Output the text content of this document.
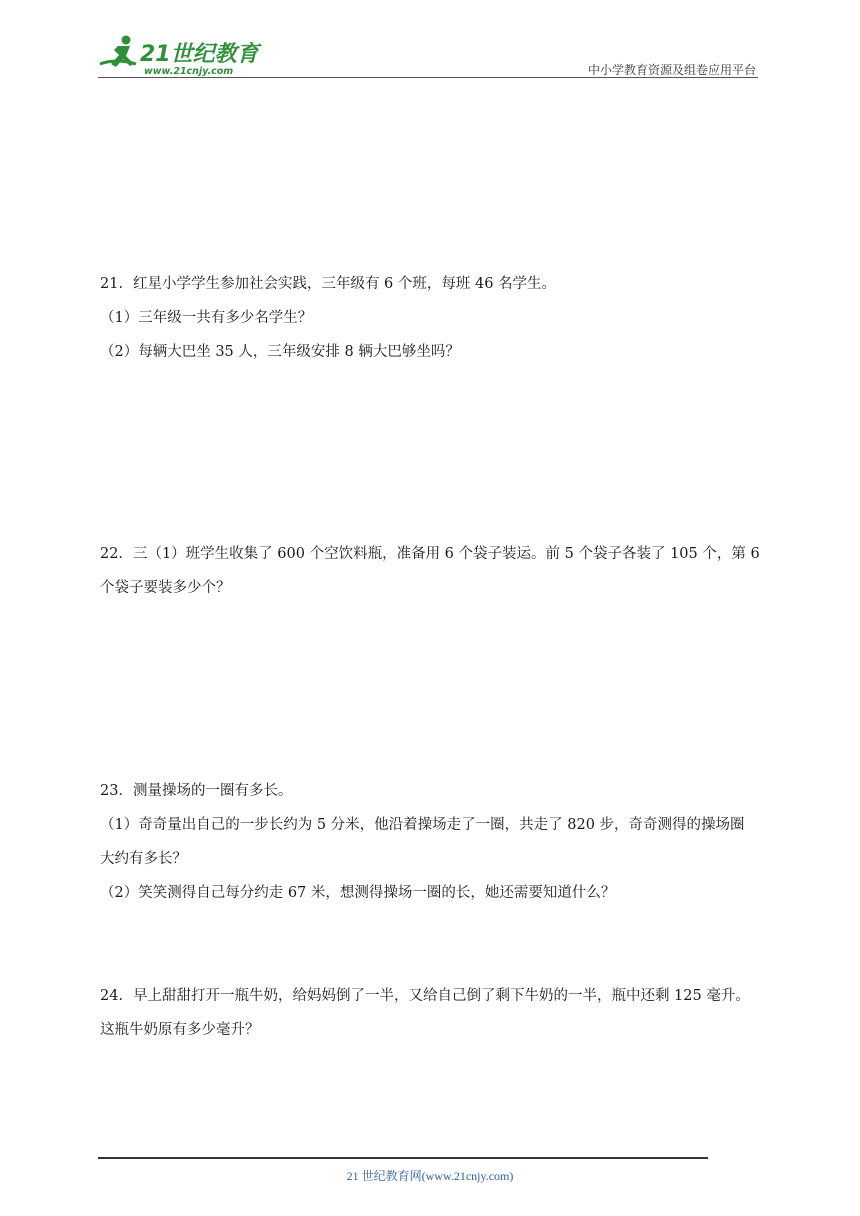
21世纪教育
www.21cnjy.com	中小学教育资源及组卷应用平台

21．红星小学学生参加社会实践，三年级有 6 个班，每班 46 名学生。

（1）三年级一共有多少名学生？

（2）每辆大巴坐 35 人，三年级安排 8 辆大巴够坐吗？

22．三（1）班学生收集了 600 个空饮料瓶，准备用 6 个袋子装运。前 5 个袋子各装了 105 个，第 6

个袋子要装多少个？

23．测量操场的一圈有多长。

（1）奇奇量出自己的一步长约为 5 分米，他沿着操场走了一圈，共走了 820 步，奇奇测得的操场圈

大约有多长？

（2）笑笑测得自己每分约走 67 米，想测得操场一圈的长，她还需要知道什么？

24．早上甜甜打开一瓶牛奶，给妈妈倒了一半，又给自己倒了剩下牛奶的一半，瓶中还剩 125 毫升。

这瓶牛奶原有多少毫升？

21 世纪教育网(www.21cnjy.com)
